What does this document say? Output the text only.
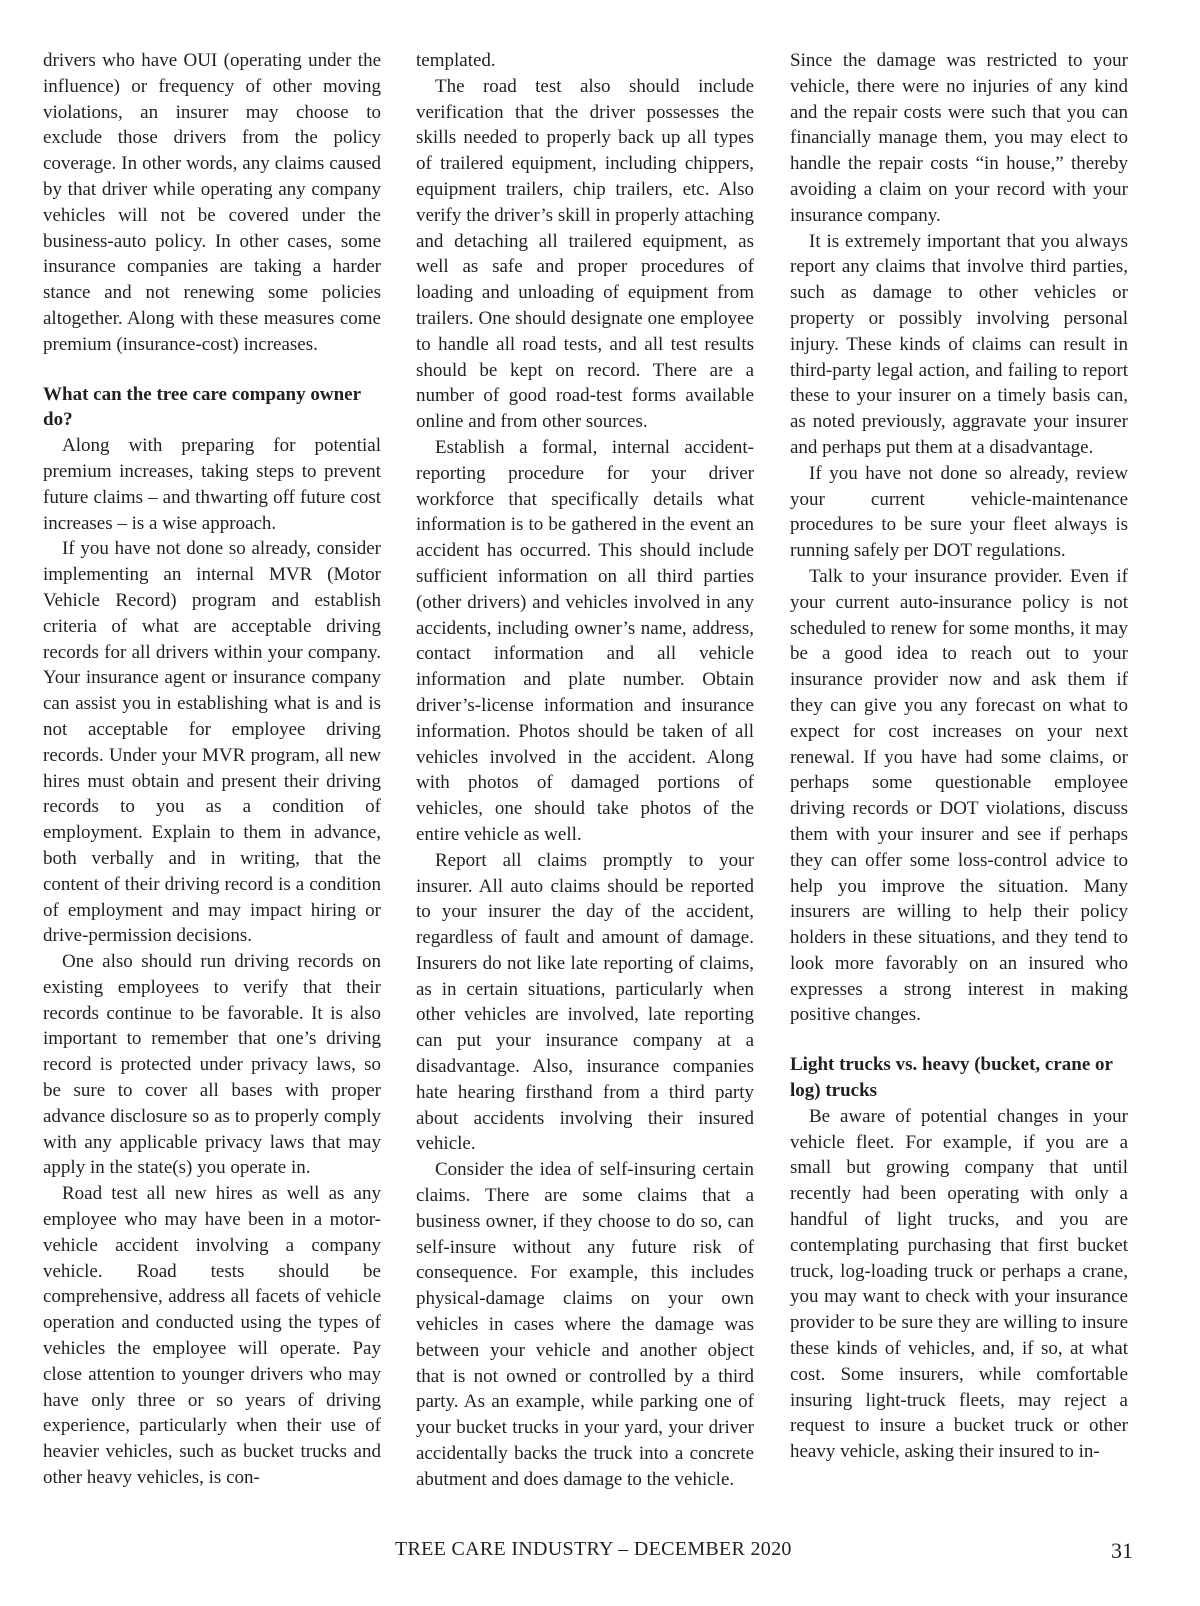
drivers who have OUI (operating under the influence) or frequency of other moving violations, an insurer may choose to exclude those drivers from the policy coverage. In other words, any claims caused by that driver while operating any company vehicles will not be covered under the business-auto policy. In other cases, some insurance companies are taking a harder stance and not renewing some policies altogether. Along with these measures come premium (insurance-cost) increases.

What can the tree care company owner do?

Along with preparing for potential premium increases, taking steps to prevent future claims – and thwarting off future cost increases – is a wise approach.

If you have not done so already, consider implementing an internal MVR (Motor Vehicle Record) program and establish criteria of what are acceptable driving records for all drivers within your company. Your insurance agent or insurance company can assist you in establishing what is and is not acceptable for employee driving records. Under your MVR program, all new hires must obtain and present their driving records to you as a condition of employment. Explain to them in advance, both verbally and in writing, that the content of their driving record is a condition of employment and may impact hiring or drive-permission decisions.

One also should run driving records on existing employees to verify that their records continue to be favorable. It is also important to remember that one’s driving record is protected under privacy laws, so be sure to cover all bases with proper advance disclosure so as to properly comply with any applicable privacy laws that may apply in the state(s) you operate in.

Road test all new hires as well as any employee who may have been in a motor-vehicle accident involving a company vehicle. Road tests should be comprehensive, address all facets of vehicle operation and conducted using the types of vehicles the employee will operate. Pay close attention to younger drivers who may have only three or so years of driving experience, particularly when their use of heavier vehicles, such as bucket trucks and other heavy vehicles, is con-

templated.

The road test also should include verification that the driver possesses the skills needed to properly back up all types of trailered equipment, including chippers, equipment trailers, chip trailers, etc. Also verify the driver’s skill in properly attaching and detaching all trailered equipment, as well as safe and proper procedures of loading and unloading of equipment from trailers. One should designate one employee to handle all road tests, and all test results should be kept on record. There are a number of good road-test forms available online and from other sources.

Establish a formal, internal accident-reporting procedure for your driver workforce that specifically details what information is to be gathered in the event an accident has occurred. This should include sufficient information on all third parties (other drivers) and vehicles involved in any accidents, including owner’s name, address, contact information and all vehicle information and plate number. Obtain driver’s-license information and insurance information. Photos should be taken of all vehicles involved in the accident. Along with photos of damaged portions of vehicles, one should take photos of the entire vehicle as well.

Report all claims promptly to your insurer. All auto claims should be reported to your insurer the day of the accident, regardless of fault and amount of damage. Insurers do not like late reporting of claims, as in certain situations, particularly when other vehicles are involved, late reporting can put your insurance company at a disadvantage. Also, insurance companies hate hearing firsthand from a third party about accidents involving their insured vehicle.

Consider the idea of self-insuring certain claims. There are some claims that a business owner, if they choose to do so, can self-insure without any future risk of consequence. For example, this includes physical-damage claims on your own vehicles in cases where the damage was between your vehicle and another object that is not owned or controlled by a third party. As an example, while parking one of your bucket trucks in your yard, your driver accidentally backs the truck into a concrete abutment and does damage to the vehicle.

Since the damage was restricted to your vehicle, there were no injuries of any kind and the repair costs were such that you can financially manage them, you may elect to handle the repair costs “in house,” thereby avoiding a claim on your record with your insurance company.

It is extremely important that you always report any claims that involve third parties, such as damage to other vehicles or property or possibly involving personal injury. These kinds of claims can result in third-party legal action, and failing to report these to your insurer on a timely basis can, as noted previously, aggravate your insurer and perhaps put them at a disadvantage.

If you have not done so already, review your current vehicle-maintenance procedures to be sure your fleet always is running safely per DOT regulations.

Talk to your insurance provider. Even if your current auto-insurance policy is not scheduled to renew for some months, it may be a good idea to reach out to your insurance provider now and ask them if they can give you any forecast on what to expect for cost increases on your next renewal. If you have had some claims, or perhaps some questionable employee driving records or DOT violations, discuss them with your insurer and see if perhaps they can offer some loss-control advice to help you improve the situation. Many insurers are willing to help their policy holders in these situations, and they tend to look more favorably on an insured who expresses a strong interest in making positive changes.

Light trucks vs. heavy (bucket, crane or log) trucks

Be aware of potential changes in your vehicle fleet. For example, if you are a small but growing company that until recently had been operating with only a handful of light trucks, and you are contemplating purchasing that first bucket truck, log-loading truck or perhaps a crane, you may want to check with your insurance provider to be sure they are willing to insure these kinds of vehicles, and, if so, at what cost. Some insurers, while comfortable insuring light-truck fleets, may reject a request to insure a bucket truck or other heavy vehicle, asking their insured to in-

TREE CARE INDUSTRY – DECEMBER 2020	31
